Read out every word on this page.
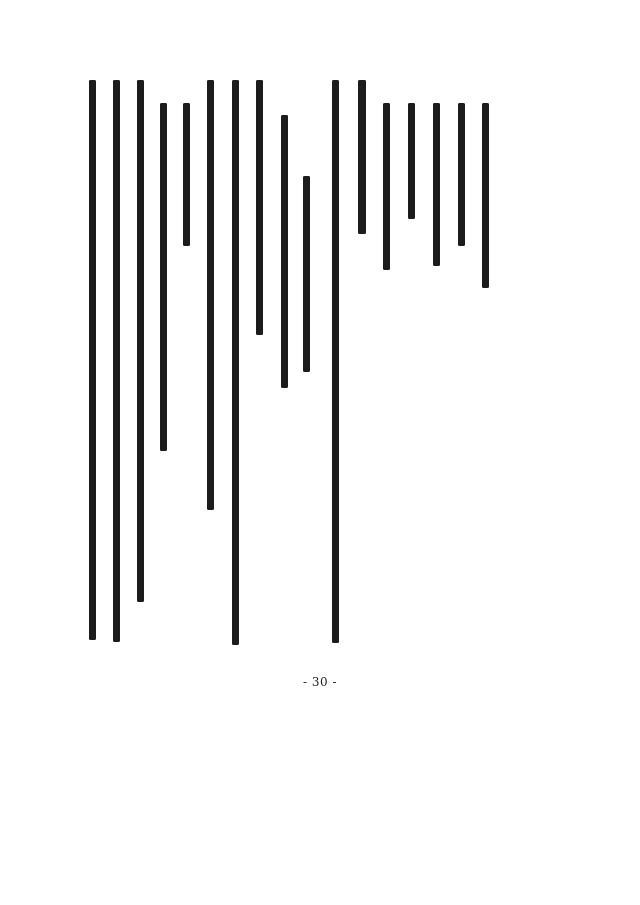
- 30 -
